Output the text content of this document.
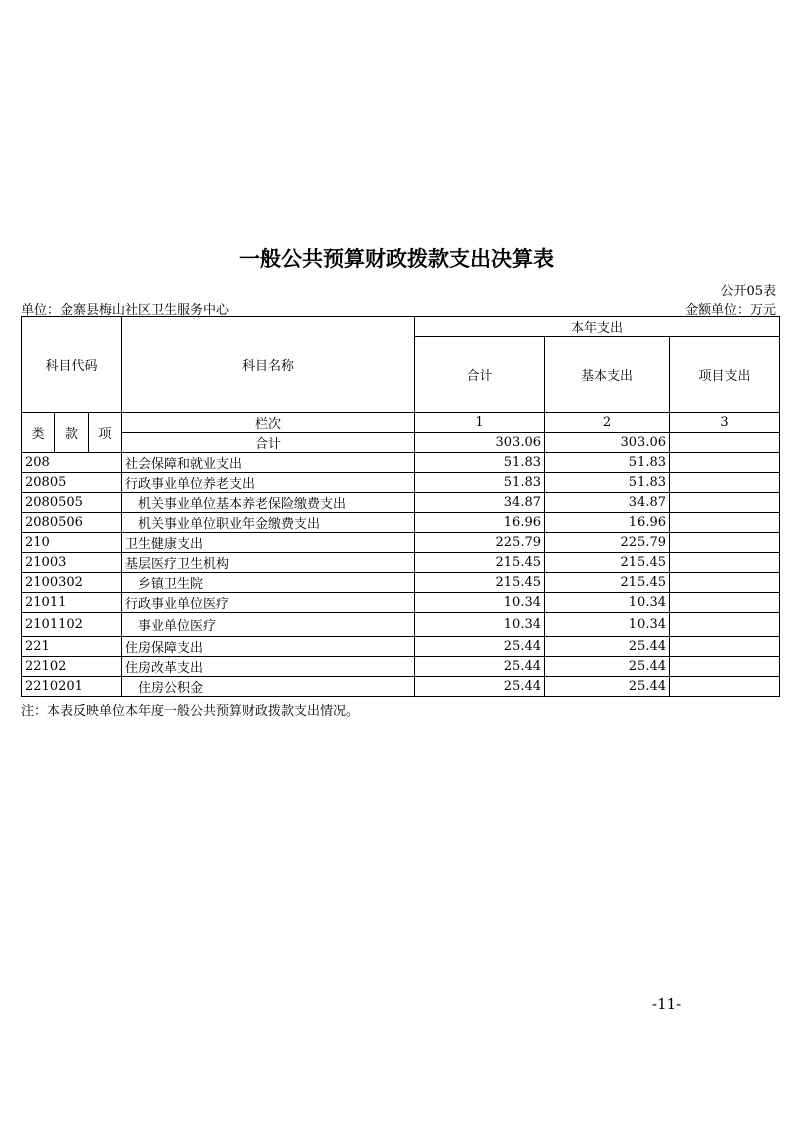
一般公共预算财政拨款支出决算表
公开05表
单位：金寨县梅山社区卫生服务中心	金额单位：万元
科目代码			科目名称	本年支出		
				合计	基本支出	项目支出
类	款	项	栏次	1	2	3
			合计	303.06	303.06	
208			社会保障和就业支出	51.83	51.83	
20805			行政事业单位养老支出	51.83	51.83	
2080505			机关事业单位基本养老保险缴费支出	34.87	34.87	
2080506			机关事业单位职业年金缴费支出	16.96	16.96	
210			卫生健康支出	225.79	225.79	
21003			基层医疗卫生机构	215.45	215.45	
2100302			乡镇卫生院	215.45	215.45	
21011			行政事业单位医疗	10.34	10.34	
2101102			事业单位医疗	10.34	10.34	
221			住房保障支出	25.44	25.44	
22102			住房改革支出	25.44	25.44	
2210201			住房公积金	25.44	25.44	
注：本表反映单位本年度一般公共预算财政拨款支出情况。
-11-
